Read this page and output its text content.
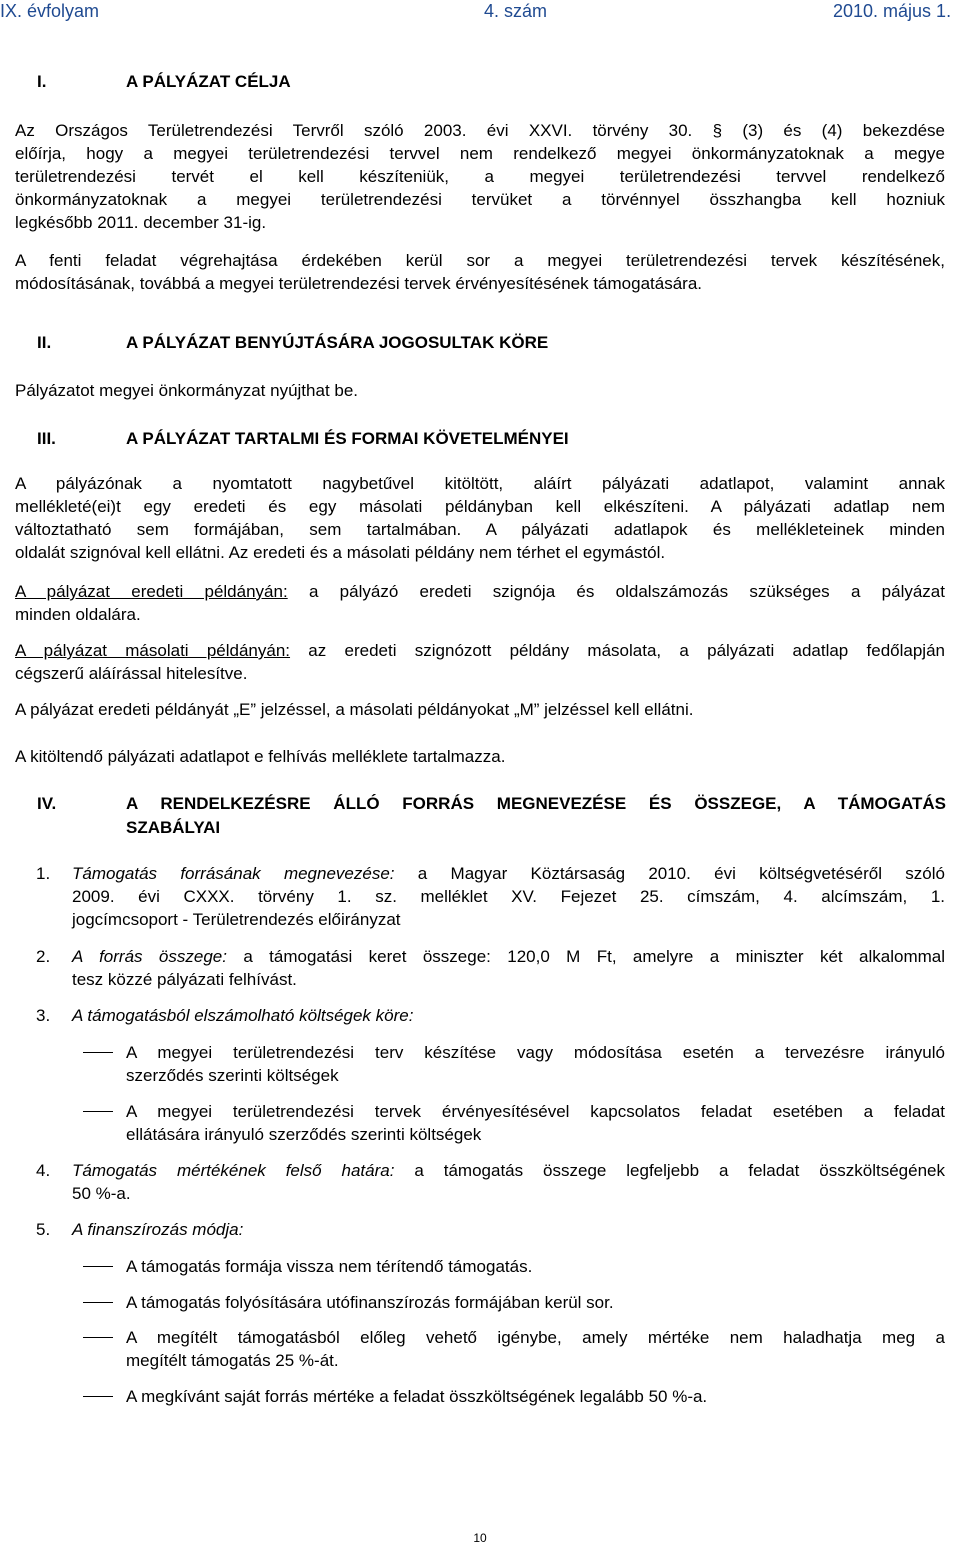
IX. évfolyam	4. szám	2010. május 1.
I.	A PÁLYÁZAT CÉLJA
Az Országos Területrendezési Tervről szóló 2003. évi XXVI. törvény 30. § (3) és (4) bekezdése
előírja, hogy a megyei területrendezési tervvel nem rendelkező megyei önkormányzatoknak a megye
területrendezési tervét el kell készíteniük, a megyei területrendezési tervvel rendelkező
önkormányzatoknak a megyei területrendezési tervüket a törvénnyel összhangba kell hozniuk
legkésőbb 2011. december 31-ig.
A fenti feladat végrehajtása érdekében kerül sor a megyei területrendezési tervek készítésének,
módosításának, továbbá a megyei területrendezési tervek érvényesítésének támogatására.
II.	A PÁLYÁZAT BENYÚJTÁSÁRA JOGOSULTAK KÖRE
Pályázatot megyei önkormányzat nyújthat be.
III.	A PÁLYÁZAT TARTALMI ÉS FORMAI KÖVETELMÉNYEI
A pályázónak a nyomtatott nagybetűvel kitöltött, aláírt pályázati adatlapot, valamint annak
mellékleté(ei)t egy eredeti és egy másolati példányban kell elkészíteni. A pályázati adatlap nem
változtatható sem formájában, sem tartalmában. A pályázati adatlapok és mellékleteinek minden
oldalát szignóval kell ellátni. Az eredeti és a másolati példány nem térhet el egymástól.
A pályázat eredeti példányán: a pályázó eredeti szignója és oldalszámozás szükséges a pályázat
minden oldalára.
A pályázat másolati példányán: az eredeti szignózott példány másolata, a pályázati adatlap fedőlapján
cégszerű aláírással hitelesítve.
A pályázat eredeti példányát „E” jelzéssel, a másolati példányokat „M” jelzéssel kell ellátni.
A kitöltendő pályázati adatlapot e felhívás melléklete tartalmazza.
IV.	A RENDELKEZÉSRE ÁLLÓ FORRÁS MEGNEVEZÉSE ÉS ÖSSZEGE, A TÁMOGATÁS
SZABÁLYAI
1. Támogatás forrásának megnevezése: a Magyar Köztársaság 2010. évi költségvetéséről szóló
2009. évi CXXX. törvény 1. sz. melléklet XV. Fejezet 25. címszám, 4. alcímszám, 1.
jogcímcsoport - Területrendezés előirányzat
2. A forrás összege: a támogatási keret összege: 120,0 M Ft, amelyre a miniszter két alkalommal
tesz közzé pályázati felhívást.
3. A támogatásból elszámolható költségek köre:
A megyei területrendezési terv készítése vagy módosítása esetén a tervezésre irányuló
szerződés szerinti költségek
A megyei területrendezési tervek érvényesítésével kapcsolatos feladat esetében a feladat
ellátására irányuló szerződés szerinti költségek
4. Támogatás mértékének felső határa: a támogatás összege legfeljebb a feladat összköltségének
50 %-a.
5. A finanszírozás módja:
A támogatás formája vissza nem térítendő támogatás.
A támogatás folyósítására utófinanszírozás formájában kerül sor.
A megítélt támogatásból előleg vehető igénybe, amely mértéke nem haladhatja meg a
megítélt támogatás 25 %-át.
A megkívánt saját forrás mértéke a feladat összköltségének legalább 50 %-a.
10
